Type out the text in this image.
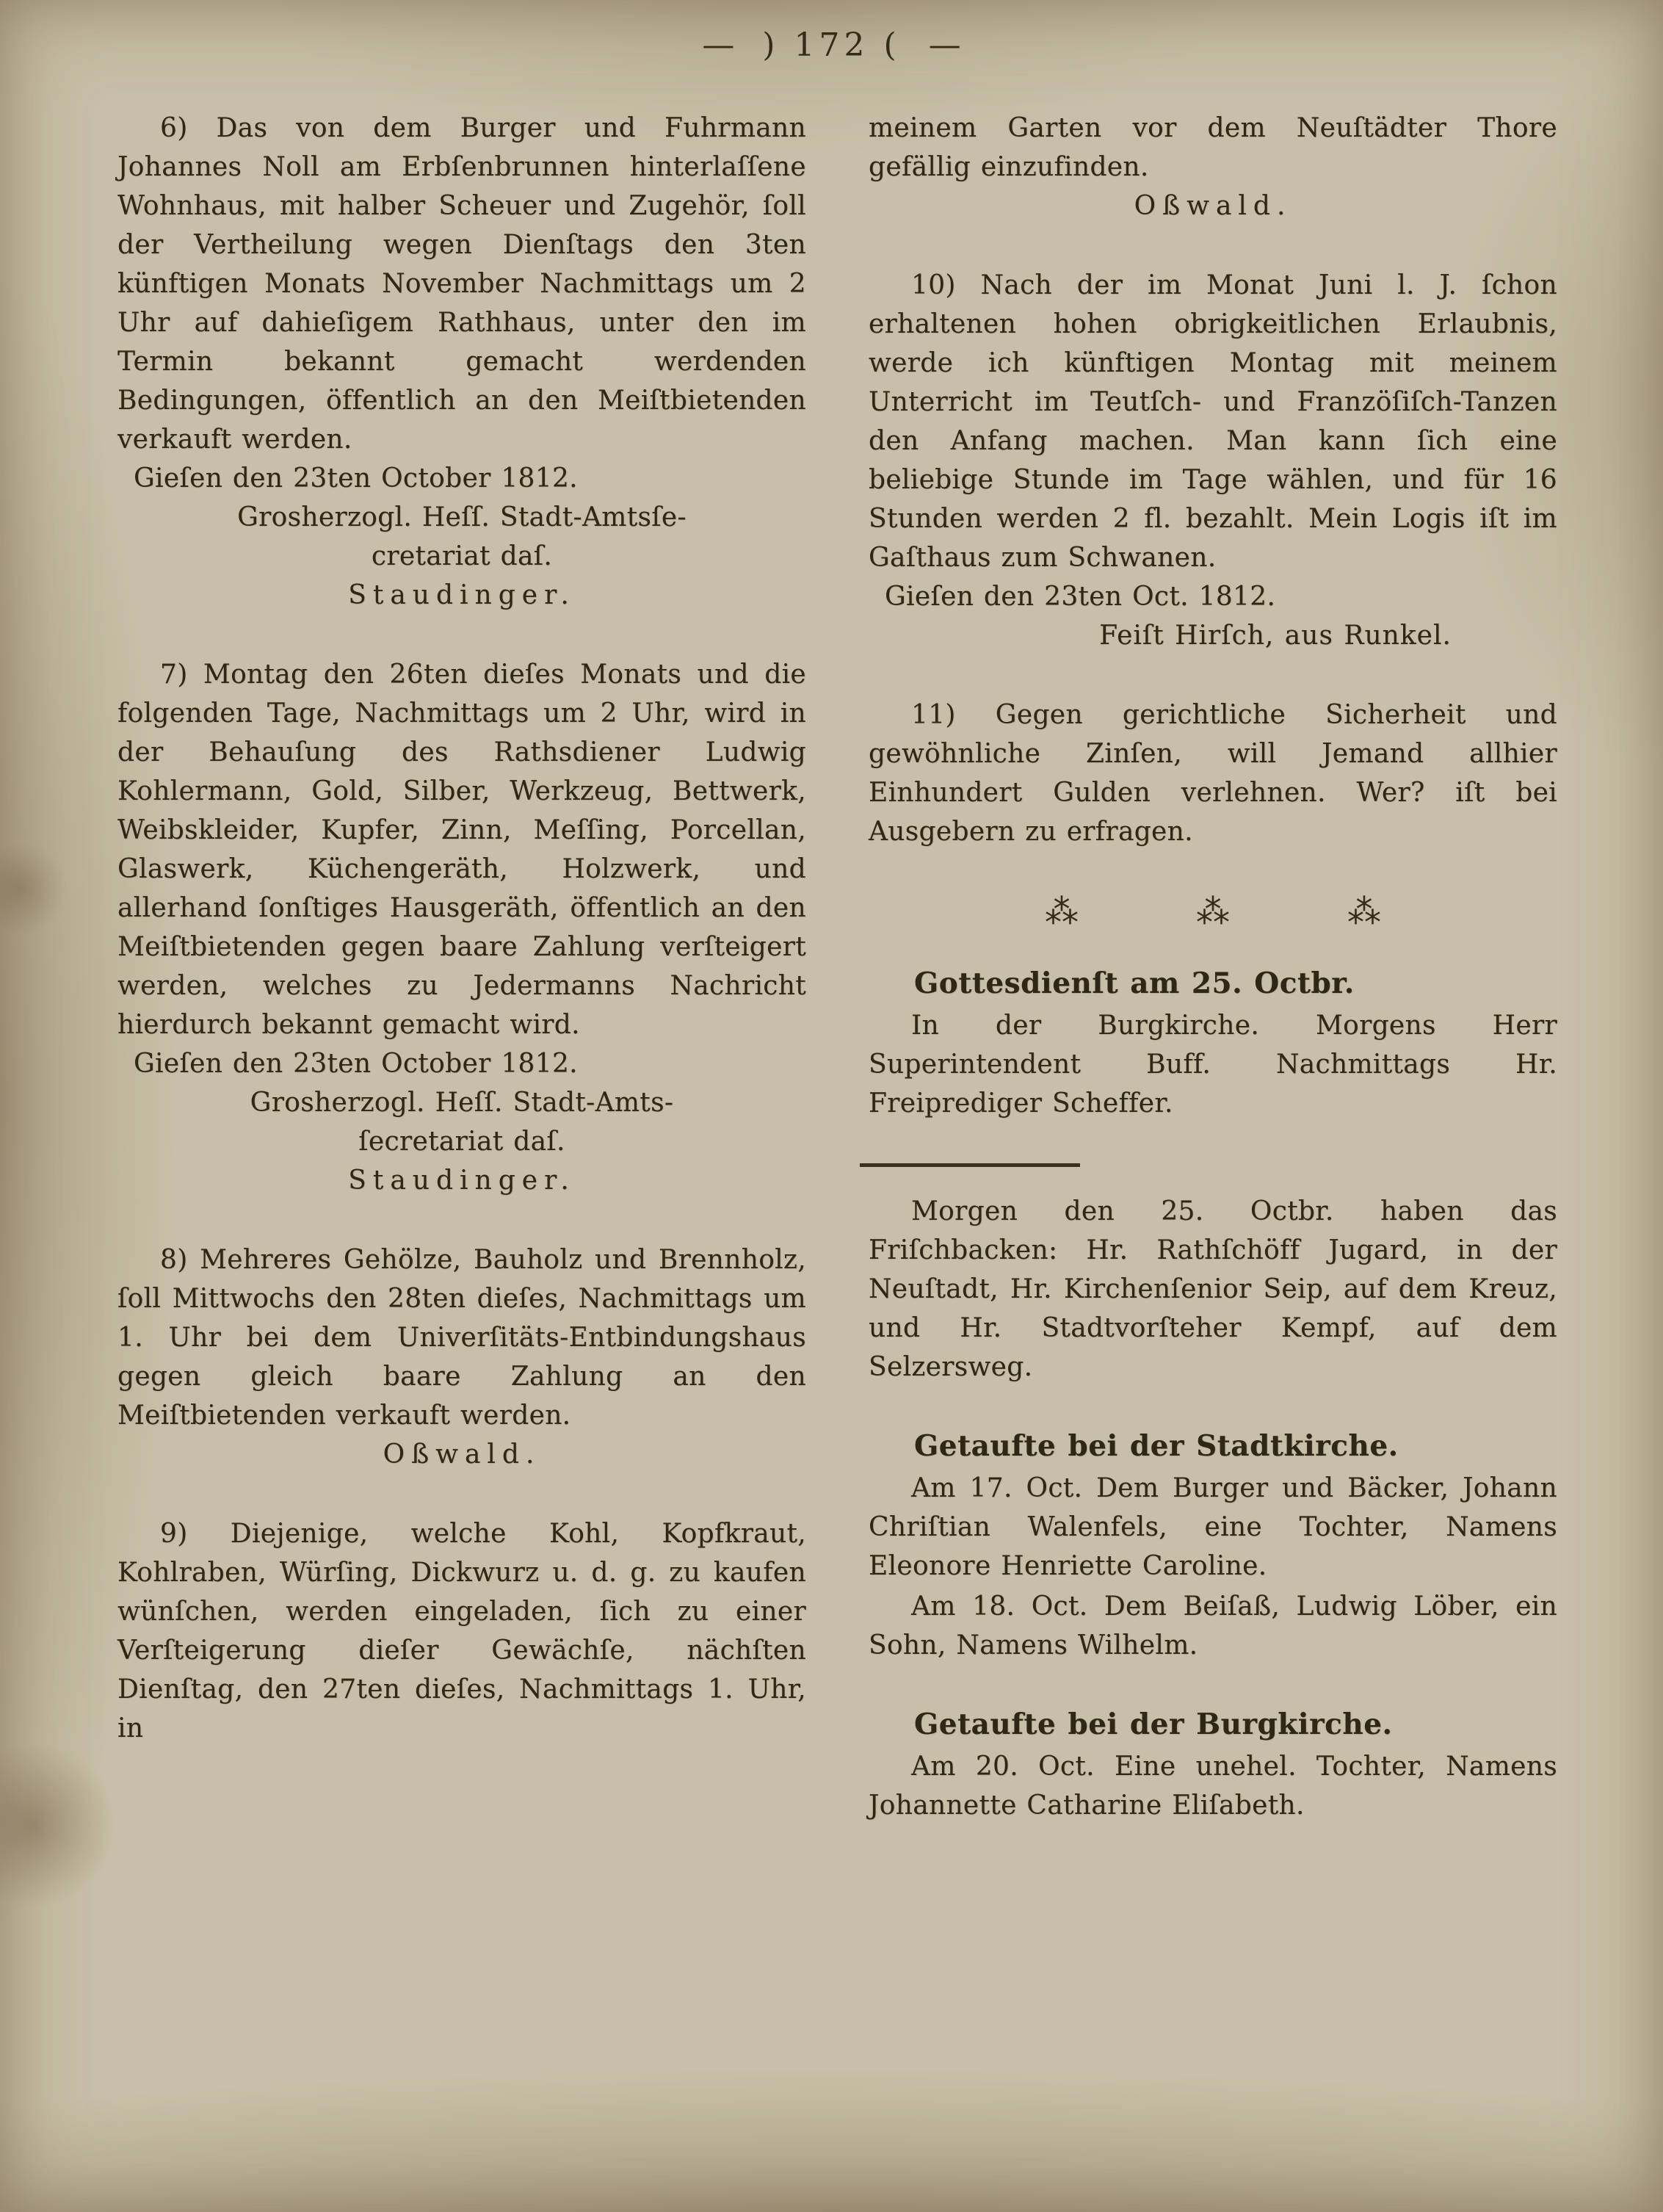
— ) 172 ( —

6) Das von dem Burger und Fuhrmann Johannes Noll am Erbſenbrunnen hinterlaſſene Wohnhaus, mit halber Scheuer und Zugehör, ſoll der Vertheilung wegen Dienſtags den 3ten künftigen Monats November Nachmittags um 2 Uhr auf dahieſigem Rathhaus, unter den im Termin bekannt gemacht werdenden Bedingungen, öffentlich an den Meiſtbietenden verkauft werden.

Gieſen den 23ten October 1812.

Grosherzogl. Heſſ. Stadt-Amtsſe-

cretariat daſ.

Staudinger.

7) Montag den 26ten dieſes Monats und die folgenden Tage, Nachmittags um 2 Uhr, wird in der Behauſung des Rathsdiener Ludwig Kohlermann, Gold, Silber, Werkzeug, Bettwerk, Weibskleider, Kupfer, Zinn, Meſſing, Porcellan, Glaswerk, Küchengeräth, Holzwerk, und allerhand ſonſtiges Hausgeräth, öffentlich an den Meiſtbietenden gegen baare Zahlung verſteigert werden, welches zu Jedermanns Nachricht hierdurch bekannt gemacht wird.

Gieſen den 23ten October 1812.

Grosherzogl. Heſſ. Stadt-Amts-

ſecretariat daſ.

Staudinger.

8) Mehreres Gehölze, Bauholz und Brennholz, ſoll Mittwochs den 28ten dieſes, Nachmittags um 1. Uhr bei dem Univerſitäts-Entbindungshaus gegen gleich baare Zahlung an den Meiſtbietenden verkauft werden.

Oßwald.

9) Diejenige, welche Kohl, Kopfkraut, Kohlraben, Würſing, Dickwurz u. d. g. zu kaufen wünſchen, werden eingeladen, ſich zu einer Verſteigerung dieſer Gewächſe, nächſten Dienſtag, den 27ten dieſes, Nachmittags 1. Uhr, in

meinem Garten vor dem Neuſtädter Thore gefällig einzufinden.

Oßwald.

10) Nach der im Monat Juni l. J. ſchon erhaltenen hohen obrigkeitlichen Erlaubnis, werde ich künftigen Montag mit meinem Unterricht im Teutſch- und Franzöſiſch-Tanzen den Anfang machen. Man kann ſich eine beliebige Stunde im Tage wählen, und für 16 Stunden werden 2 fl. bezahlt. Mein Logis iſt im Gaſthaus zum Schwanen.

Gieſen den 23ten Oct. 1812.

Feiſt Hirſch, aus Runkel.

11) Gegen gerichtliche Sicherheit und gewöhnliche Zinſen, will Jemand allhier Einhundert Gulden verlehnen. Wer? iſt bei Ausgebern zu erfragen.

⁂	⁂	⁂

Gottesdienſt am 25. Octbr.

In der Burgkirche. Morgens Herr Superintendent Buff. Nachmittags Hr. Freiprediger Scheffer.

Morgen den 25. Octbr. haben das Friſchbacken: Hr. Rathſchöff Jugard, in der Neuſtadt, Hr. Kirchenſenior Seip, auf dem Kreuz, und Hr. Stadtvorſteher Kempf, auf dem Selzersweg.

Getaufte bei der Stadtkirche.

Am 17. Oct. Dem Burger und Bäcker, Johann Chriſtian Walenfels, eine Tochter, Namens Eleonore Henriette Caroline.

Am 18. Oct. Dem Beiſaß, Ludwig Löber, ein Sohn, Namens Wilhelm.

Getaufte bei der Burgkirche.

Am 20. Oct. Eine unehel. Tochter, Namens Johannette Catharine Eliſabeth.
